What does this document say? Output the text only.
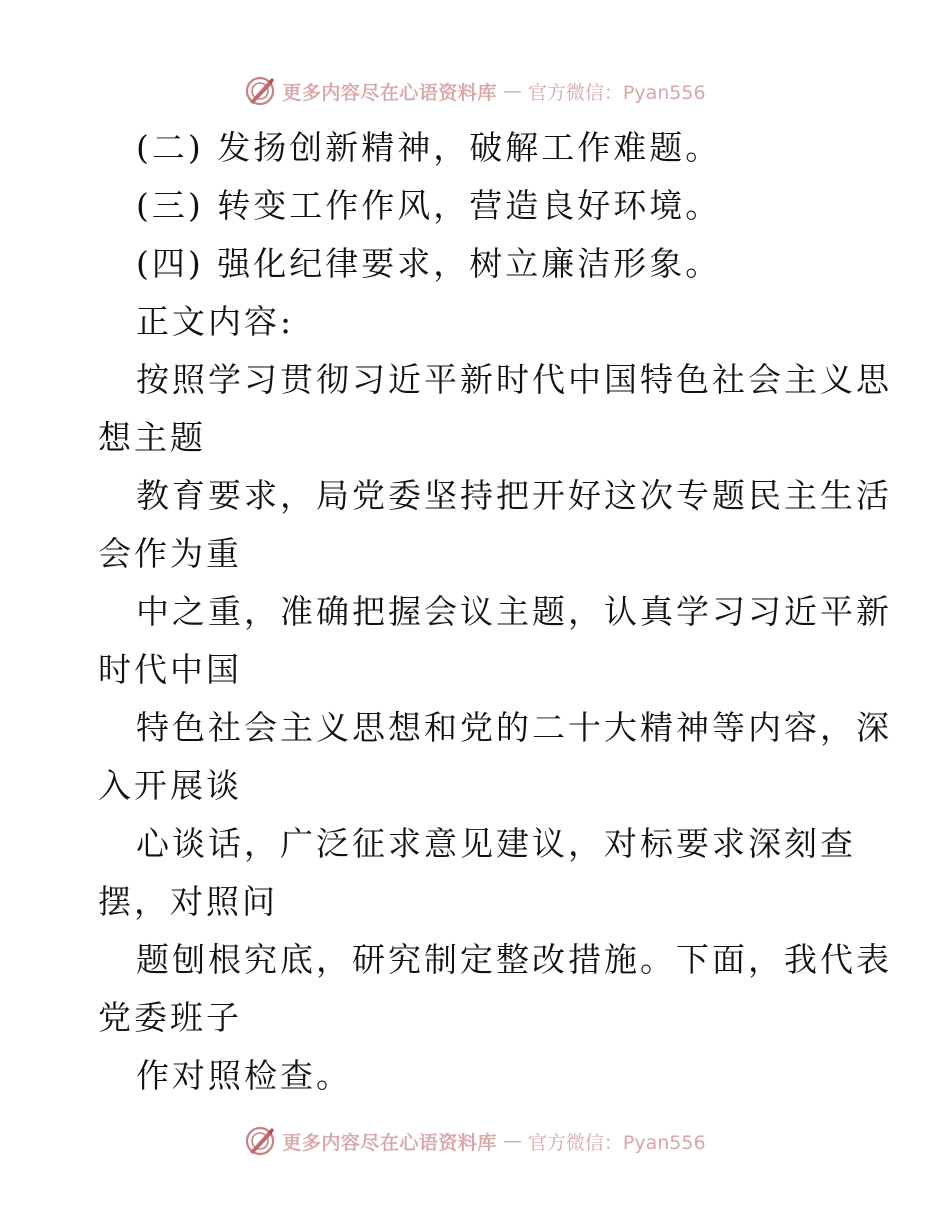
更多内容尽在心语资料库 — 官方微信：Pyan556
(二) 发扬创新精神，破解工作难题。
(三) 转变工作作风，营造良好环境。
(四) 强化纪律要求，树立廉洁形象。
正文内容:
按照学习贯彻习近平新时代中国特色社会主义思
想主题
教育要求，局党委坚持把开好这次专题民主生活
会作为重
中之重，准确把握会议主题，认真学习习近平新
时代中国
特色社会主义思想和党的二十大精神等内容，深
入开展谈
心谈话，广泛征求意见建议，对标要求深刻查
摆，对照问
题刨根究底，研究制定整改措施。下面，我代表
党委班子
作对照检查。
更多内容尽在心语资料库 — 官方微信：Pyan556
